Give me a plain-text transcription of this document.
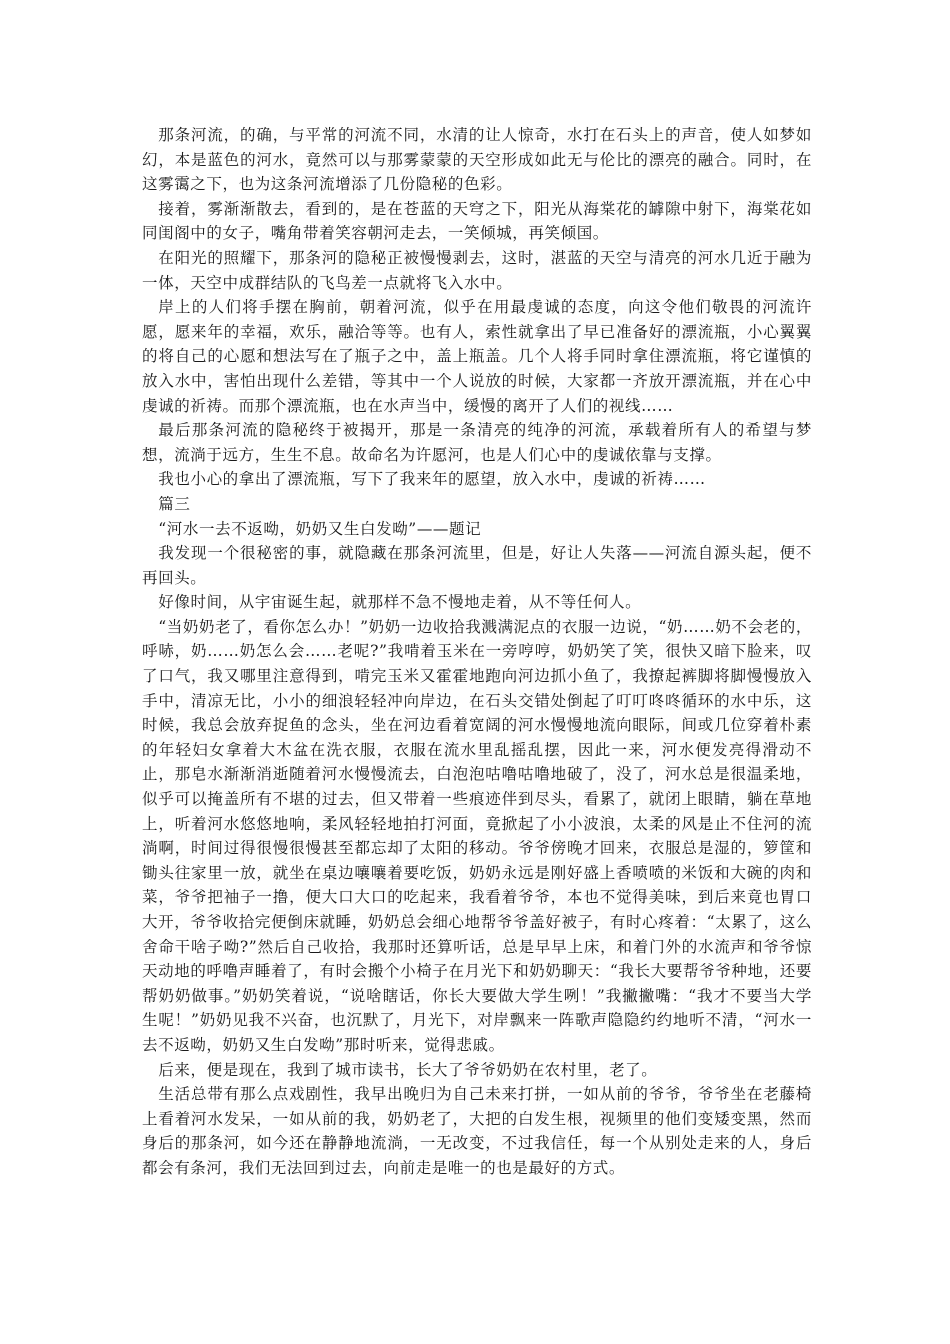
那条河流，的确，与平常的河流不同，水清的让人惊奇，水打在石头上的声音，使人如梦如幻，本是蓝色的河水，竟然可以与那雾蒙蒙的天空形成如此无与伦比的漂亮的融合。同时，在这雾霭之下，也为这条河流增添了几份隐秘的色彩。

接着，雾渐渐散去，看到的，是在苍蓝的天穹之下，阳光从海棠花的罅隙中射下，海棠花如同闺阁中的女子，嘴角带着笑容朝河走去，一笑倾城，再笑倾国。

在阳光的照耀下，那条河的隐秘正被慢慢剥去，这时，湛蓝的天空与清亮的河水几近于融为一体，天空中成群结队的飞鸟差一点就将飞入水中。

岸上的人们将手摆在胸前，朝着河流，似乎在用最虔诚的态度，向这令他们敬畏的河流许愿，愿来年的幸福，欢乐，融洽等等。也有人，索性就拿出了早已准备好的漂流瓶，小心翼翼的将自己的心愿和想法写在了瓶子之中，盖上瓶盖。几个人将手同时拿住漂流瓶，将它谨慎的放入水中，害怕出现什么差错，等其中一个人说放的时候，大家都一齐放开漂流瓶，并在心中虔诚的祈祷。而那个漂流瓶，也在水声当中，缓慢的离开了人们的视线……

最后那条河流的隐秘终于被揭开，那是一条清亮的纯净的河流，承载着所有人的希望与梦想，流淌于远方，生生不息。故命名为许愿河，也是人们心中的虔诚依靠与支撑。

我也小心的拿出了漂流瓶，写下了我来年的愿望，放入水中，虔诚的祈祷……

篇三

“河水一去不返呦，奶奶又生白发呦”——题记

我发现一个很秘密的事，就隐藏在那条河流里，但是，好让人失落——河流自源头起，便不再回头。

好像时间，从宇宙诞生起，就那样不急不慢地走着，从不等任何人。

“当奶奶老了，看你怎么办！”奶奶一边收拾我溅满泥点的衣服一边说，“奶……奶不会老的，呼哧，奶……奶怎么会……老呢?”我啃着玉米在一旁哼哼，奶奶笑了笑，很快又暗下脸来，叹了口气，我又哪里注意得到，啃完玉米又霍霍地跑向河边抓小鱼了，我撩起裤脚将脚慢慢放入手中，清凉无比，小小的细浪轻轻冲向岸边，在石头交错处倒起了叮叮咚咚循环的水中乐，这时候，我总会放弃捉鱼的念头，坐在河边看着宽阔的河水慢慢地流向眼际，间或几位穿着朴素的年轻妇女拿着大木盆在洗衣服，衣服在流水里乱摇乱摆，因此一来，河水便发亮得滑动不止，那皂水渐渐消逝随着河水慢慢流去，白泡泡咕噜咕噜地破了，没了，河水总是很温柔地，似乎可以掩盖所有不堪的过去，但又带着一些痕迹伴到尽头，看累了，就闭上眼睛，躺在草地上，听着河水悠悠地响，柔风轻轻地拍打河面，竟掀起了小小波浪，太柔的风是止不住河的流淌啊，时间过得很慢很慢甚至都忘却了太阳的移动。爷爷傍晚才回来，衣服总是湿的，箩筐和锄头往家里一放，就坐在桌边嚷嚷着要吃饭，奶奶永远是刚好盛上香喷喷的米饭和大碗的肉和菜，爷爷把袖子一撸，便大口大口的吃起来，我看着爷爷，本也不觉得美味，到后来竟也胃口大开，爷爷收拾完便倒床就睡，奶奶总会细心地帮爷爷盖好被子，有时心疼着：“太累了，这么舍命干啥子呦?”然后自己收拾，我那时还算听话，总是早早上床，和着门外的水流声和爷爷惊天动地的呼噜声睡着了，有时会搬个小椅子在月光下和奶奶聊天：“我长大要帮爷爷种地，还要帮奶奶做事。”奶奶笑着说，“说啥瞎话，你长大要做大学生咧！”我撇撇嘴：“我才不要当大学生呢！”奶奶见我不兴奋，也沉默了，月光下，对岸飘来一阵歌声隐隐约约地听不清，“河水一去不返呦，奶奶又生白发呦”那时听来，觉得悲戚。

后来，便是现在，我到了城市读书，长大了爷爷奶奶在农村里，老了。

生活总带有那么点戏剧性，我早出晚归为自己未来打拼，一如从前的爷爷，爷爷坐在老藤椅上看着河水发呆，一如从前的我，奶奶老了，大把的白发生根，视频里的他们变矮变黑，然而身后的那条河，如今还在静静地流淌，一无改变，不过我信任，每一个从别处走来的人，身后都会有条河，我们无法回到过去，向前走是唯一的也是最好的方式。
